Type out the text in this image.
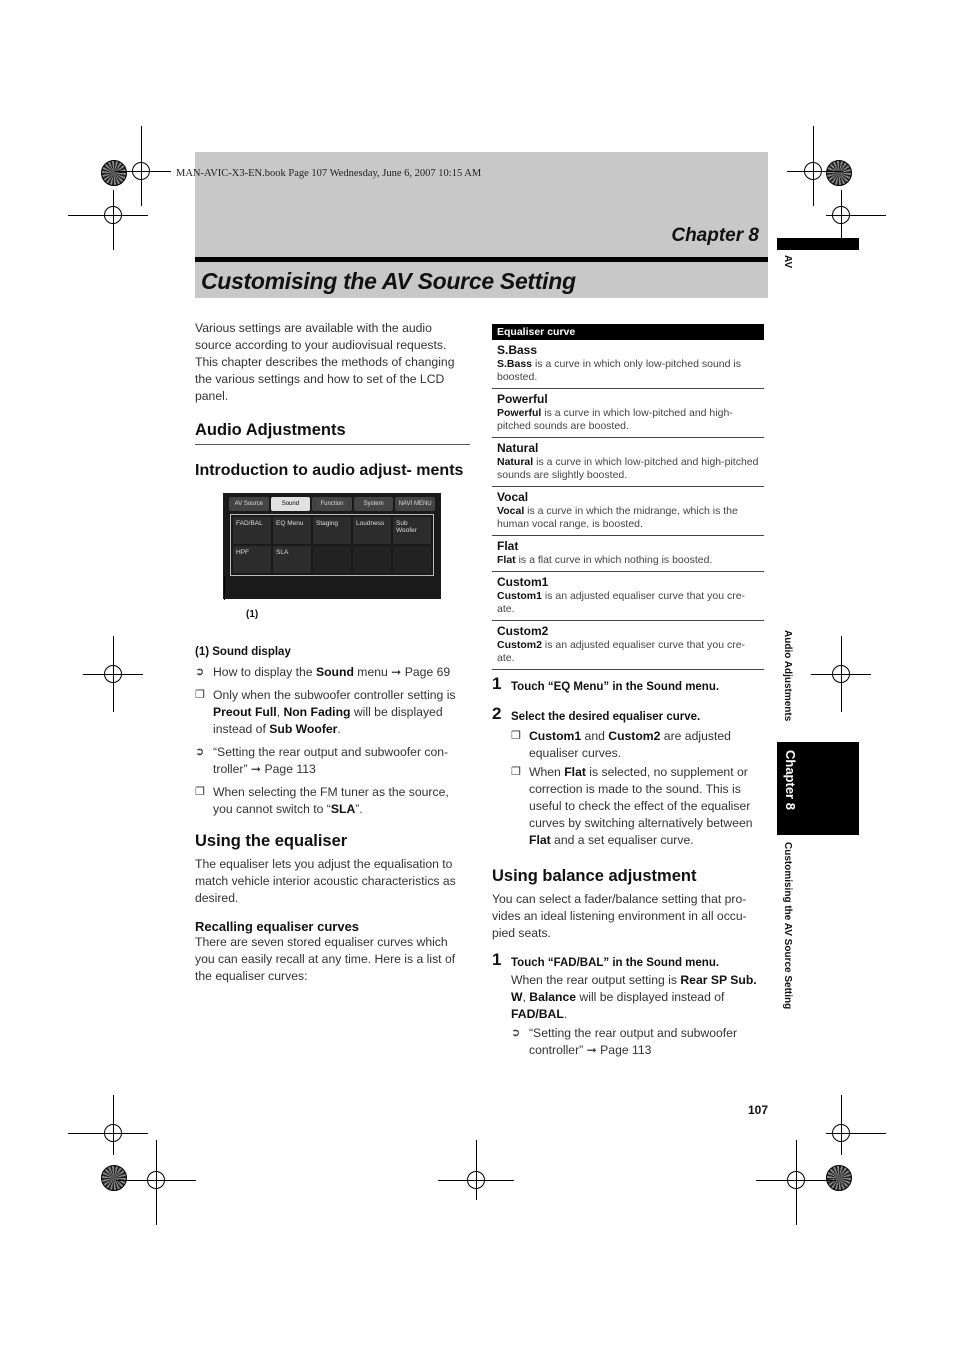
MAN-AVIC-X3-EN.book Page 107 Wednesday, June 6, 2007 10:15 AM
Chapter 8
Customising the AV Source Setting
AV
Audio Adjustments
Chapter 8
Customising the AV Source Setting

Various settings are available with the audio source according to your audiovisual requests. This chapter describes the methods of changing the various settings and how to set of the LCD panel.

Audio Adjustments
Introduction to audio adjust- ments
AV Source	Sound	Function	System	NAVI MENU
FAD/BAL	EQ Menu	Staging	Loudness	Sub Woofer
HPF	SLA
(1)
(1) Sound display
➲ How to display the Sound menu ➞ Page 69
❐ Only when the subwoofer controller setting is Preout Full, Non Fading will be displayed instead of Sub Woofer.
➲ “Setting the rear output and subwoofer con- troller” ➞ Page 113
❐ When selecting the FM tuner as the source, you cannot switch to “SLA”.
Using the equaliser

The equaliser lets you adjust the equalisation to match vehicle interior acoustic characteristics as desired.

Recalling equaliser curves

There are seven stored equaliser curves which you can easily recall at any time. Here is a list of the equaliser curves:

Equaliser curve
S.Bass
S.Bass is a curve in which only low-pitched sound is boosted.
Powerful
Powerful is a curve in which low-pitched and high-pitched sounds are boosted.
Natural
Natural is a curve in which low-pitched and high-pitched sounds are slightly boosted.
Vocal
Vocal is a curve in which the midrange, which is the human vocal range, is boosted.
Flat
Flat is a flat curve in which nothing is boosted.
Custom1
Custom1 is an adjusted equaliser curve that you cre- ate.
Custom2
Custom2 is an adjusted equaliser curve that you cre- ate.
1 Touch “EQ Menu” in the Sound menu.
2 Select the desired equaliser curve.
❐ Custom1 and Custom2 are adjusted equaliser curves.
❐ When Flat is selected, no supplement or correction is made to the sound. This is useful to check the effect of the equaliser curves by switching alternatively between Flat and a set equaliser curve.
Using balance adjustment

You can select a fader/balance setting that pro- vides an ideal listening environment in all occu- pied seats.

1 Touch “FAD/BAL” in the Sound menu.
When the rear output setting is Rear SP Sub. W, Balance will be displayed instead of FAD/BAL.
➲ “Setting the rear output and subwoofer controller” ➞ Page 113
107
